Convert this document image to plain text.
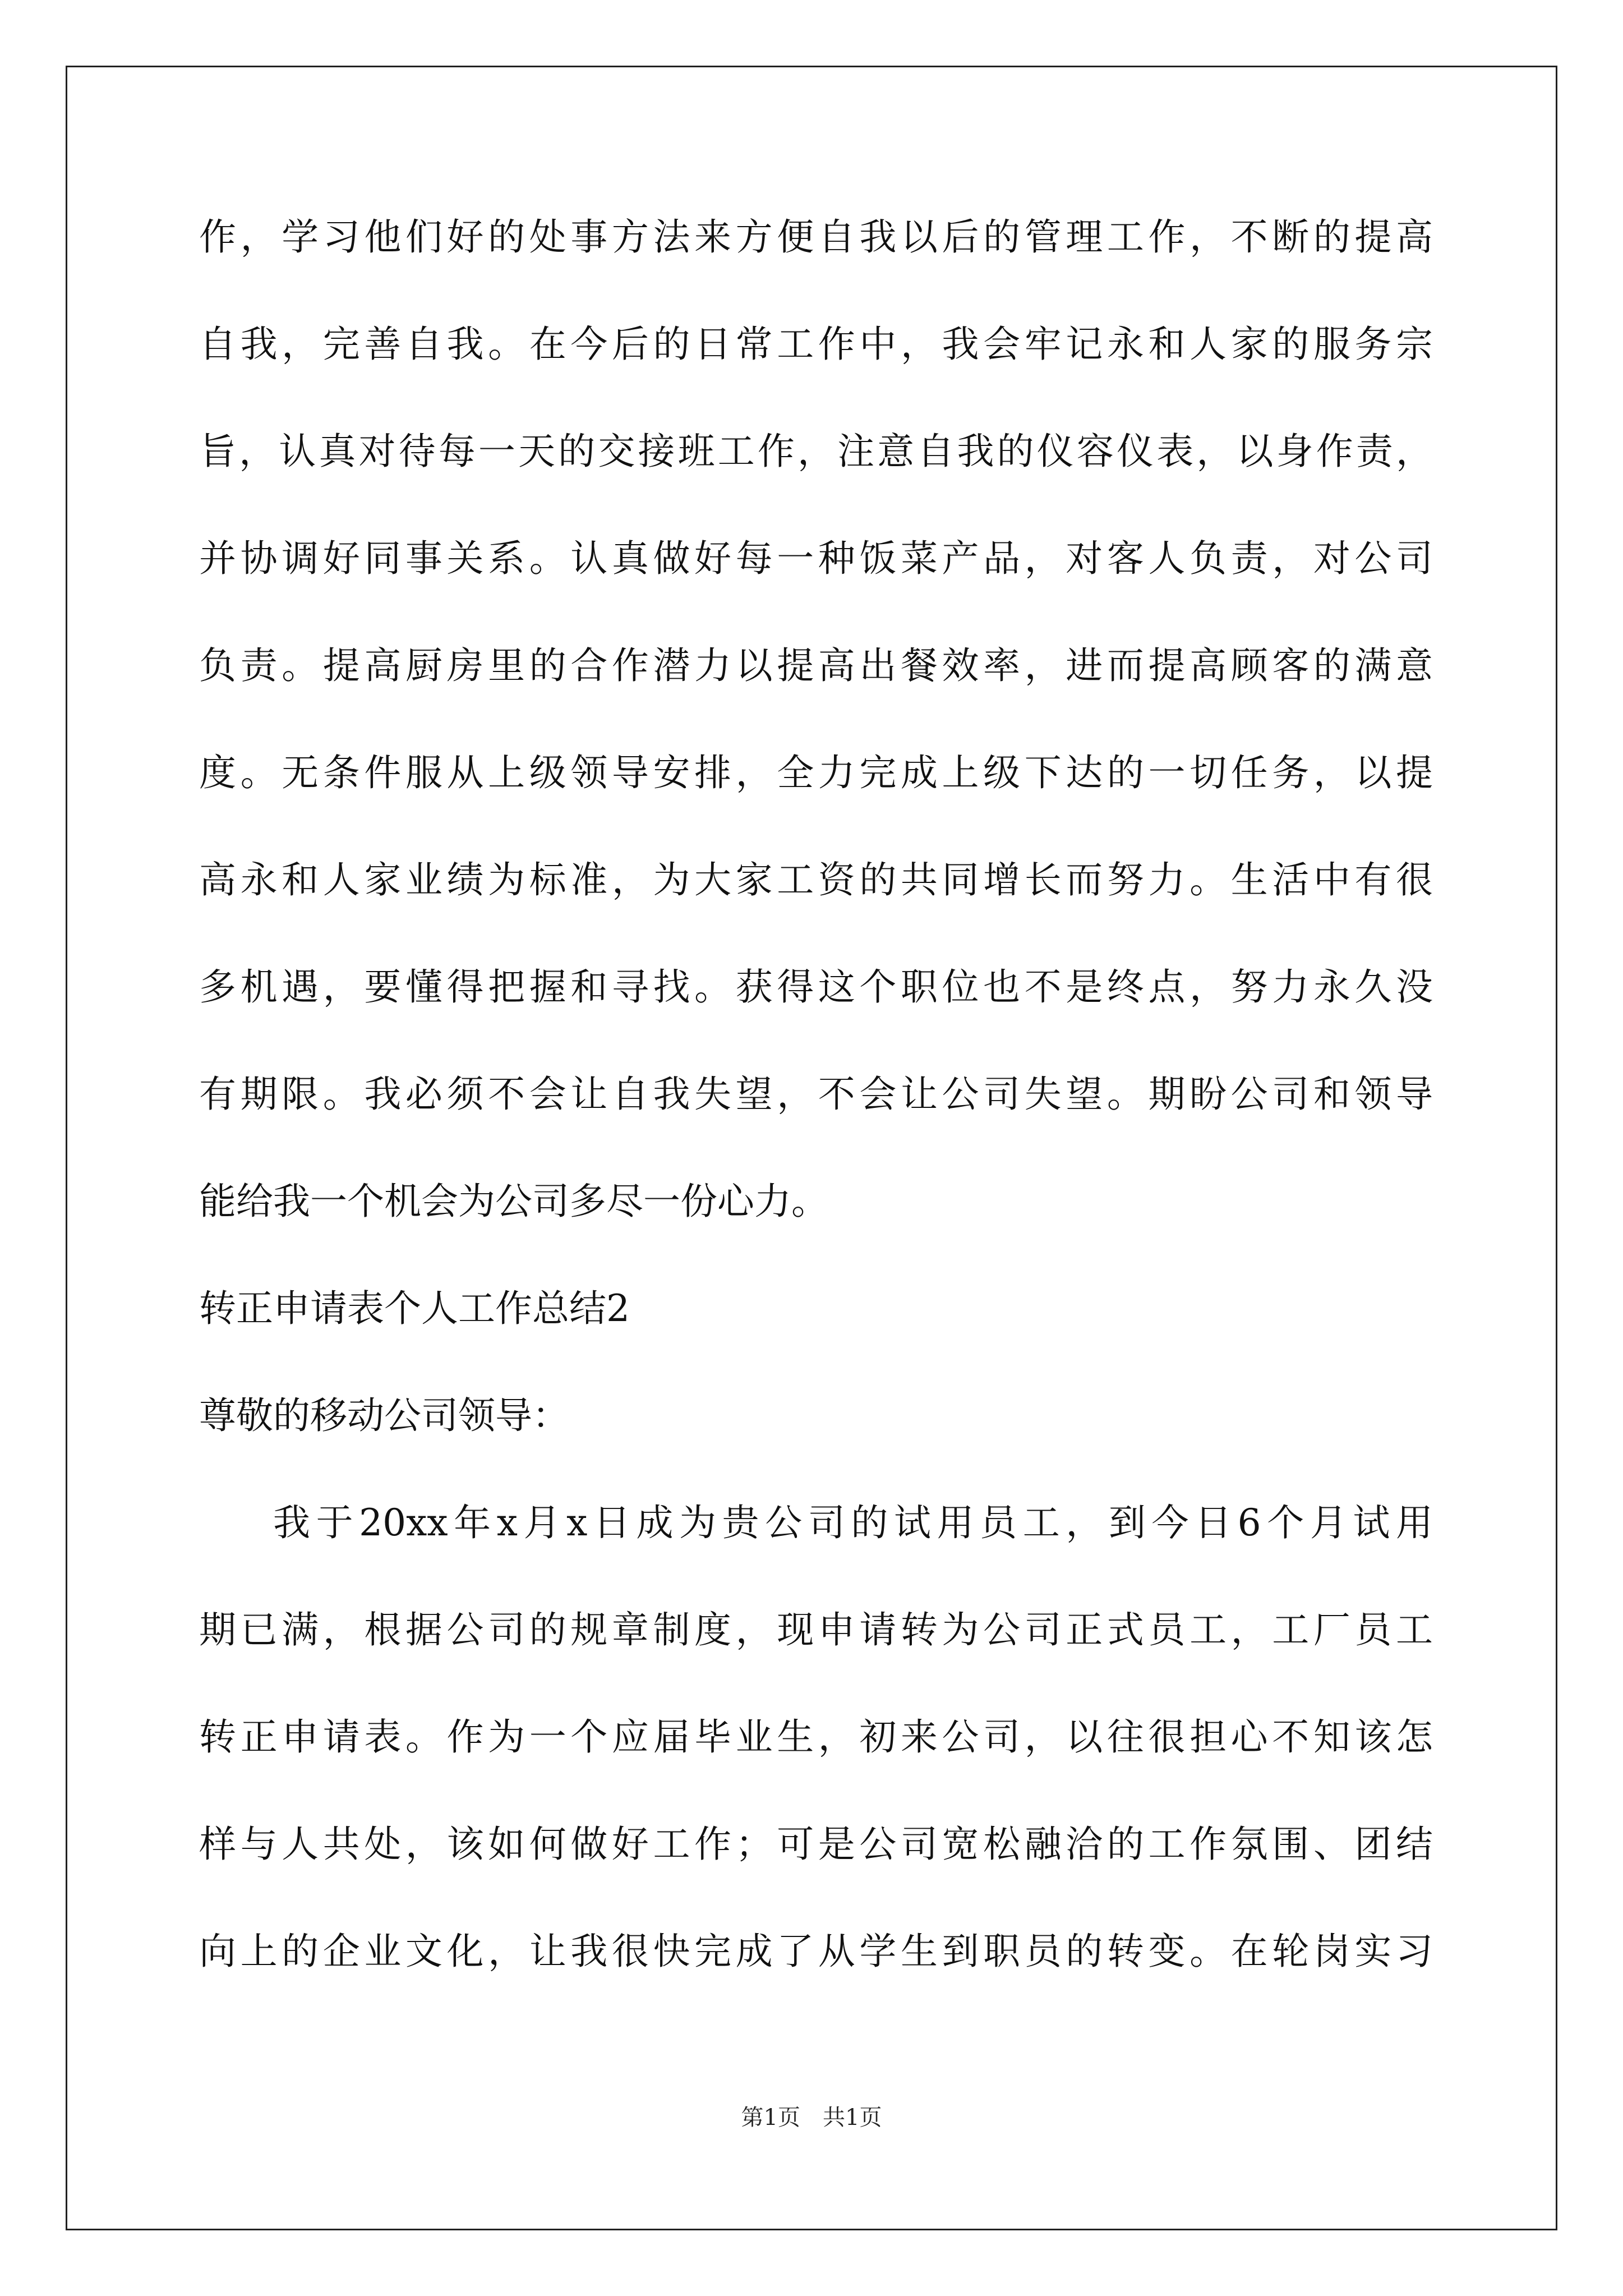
作，学习他们好的处事方法来方便自我以后的管理工作，不断的提高
自我，完善自我。在今后的日常工作中，我会牢记永和人家的服务宗
旨，认真对待每一天的交接班工作，注意自我的仪容仪表，以身作责，
并协调好同事关系。认真做好每一种饭菜产品，对客人负责，对公司
负责。提高厨房里的合作潜力以提高出餐效率，进而提高顾客的满意
度。无条件服从上级领导安排，全力完成上级下达的一切任务，以提
高永和人家业绩为标准，为大家工资的共同增长而努力。生活中有很
多机遇，要懂得把握和寻找。获得这个职位也不是终点，努力永久没
有期限。我必须不会让自我失望，不会让公司失望。期盼公司和领导
能给我一个机会为公司多尽一份心力。
转正申请表个人工作总结2
尊敬的移动公司领导：
我于20xx年x月x日成为贵公司的试用员工，到今日6个月试用
期已满，根据公司的规章制度，现申请转为公司正式员工，工厂员工
转正申请表。作为一个应届毕业生，初来公司，以往很担心不知该怎
样与人共处，该如何做好工作；可是公司宽松融洽的工作氛围、团结
向上的企业文化，让我很快完成了从学生到职员的转变。在轮岗实习
第1页　共1页
